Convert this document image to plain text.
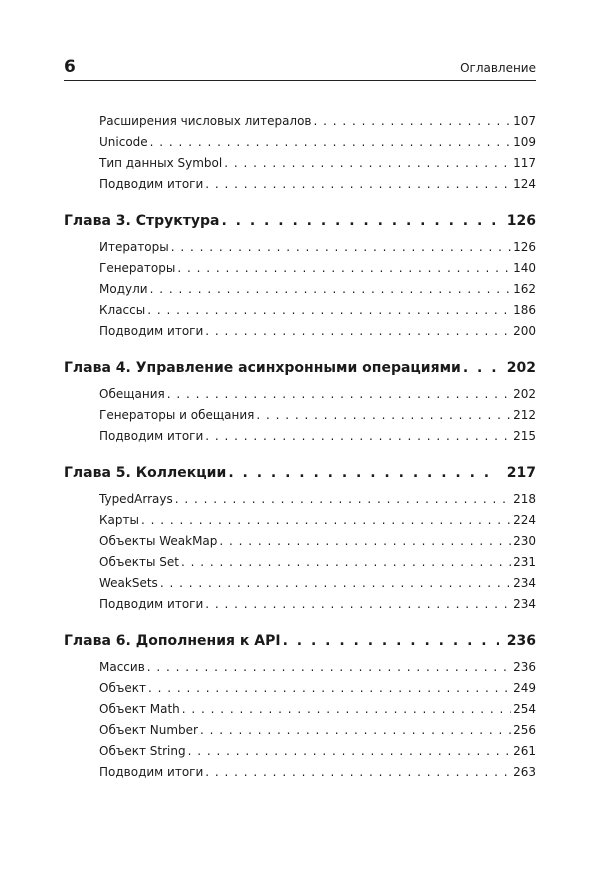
6	Оглавление
Расширения числовых литералов . . .	107
Unicode . . .	109
Тип данных Symbol . . .	117
Подводим итоги . . .	124
Глава 3. Структура . . .	126
Итераторы . . .	126
Генераторы . . .	140
Модули . . .	162
Классы . . .	186
Подводим итоги . . .	200
Глава 4. Управление асинхронными операциями . . .	202
Обещания . . .	202
Генераторы и обещания . . .	212
Подводим итоги . . .	215
Глава 5. Коллекции . . .	217
TypedArrays . . .	218
Карты . . .	224
Объекты WeakMap . . .	230
Объекты Set . . .	231
WeakSets . . .	234
Подводим итоги . . .	234
Глава 6. Дополнения к API . . .	236
Массив . . .	236
Объект . . .	249
Объект Math . . .	254
Объект Number . . .	256
Объект String . . .	261
Подводим итоги . . .	263
